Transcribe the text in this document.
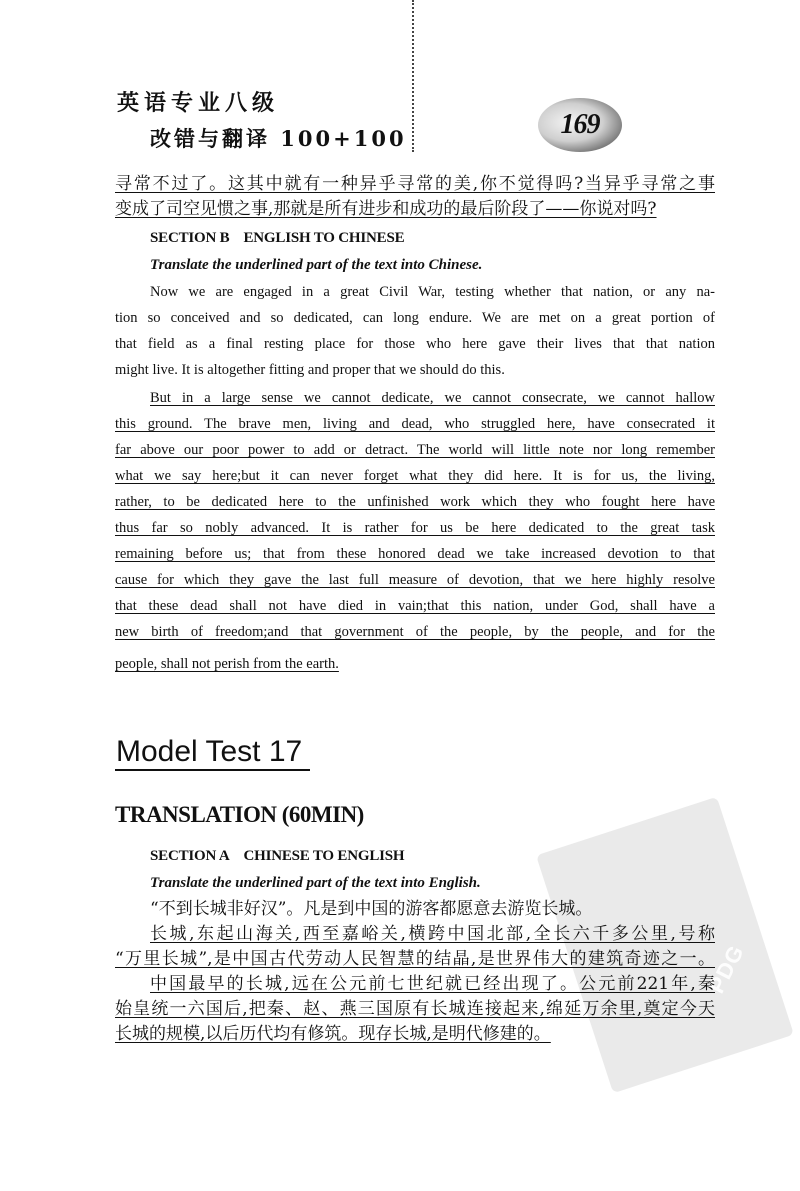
PDG
英语专业八级
改错与翻译 100+100	169
寻常不过了。这其中就有一种异乎寻常的美,你不觉得吗?当异乎寻常之事
变成了司空见惯之事,那就是所有进步和成功的最后阶段了——你说对吗?
SECTION B ENGLISH TO CHINESE
Translate the underlined part of the text into Chinese.
Now we are engaged in a great Civil War, testing whether that nation, or any na-
tion so conceived and so dedicated, can long endure. We are met on a great portion of
that field as a final resting place for those who here gave their lives that that nation
might live. It is altogether fitting and proper that we should do this.
But in a large sense we cannot dedicate, we cannot consecrate, we cannot hallow
this ground. The brave men, living and dead, who struggled here, have consecrated it
far above our poor power to add or detract. The world will little note nor long remember
what we say here;but it can never forget what they did here. It is for us, the living,
rather, to be dedicated here to the unfinished work which they who fought here have
thus far so nobly advanced. It is rather for us be here dedicated to the great task
remaining before us; that from these honored dead we take increased devotion to that
cause for which they gave the last full measure of devotion, that we here highly resolve
that these dead shall not have died in vain;that this nation, under God, shall have a
new birth of freedom;and that government of the people, by the people, and for the
people, shall not perish from the earth.
Model Test 17
TRANSLATION (60MIN)
SECTION A CHINESE TO ENGLISH
Translate the underlined part of the text into English.
“不到长城非好汉”。凡是到中国的游客都愿意去游览长城。
长城,东起山海关,西至嘉峪关,横跨中国北部,全长六千多公里,号称
“万里长城”,是中国古代劳动人民智慧的结晶,是世界伟大的建筑奇迹之一。
中国最早的长城,远在公元前七世纪就已经出现了。公元前221年,秦
始皇统一六国后,把秦、赵、燕三国原有长城连接起来,绵延万余里,奠定今天
长城的规模,以后历代均有修筑。现存长城,是明代修建的。
